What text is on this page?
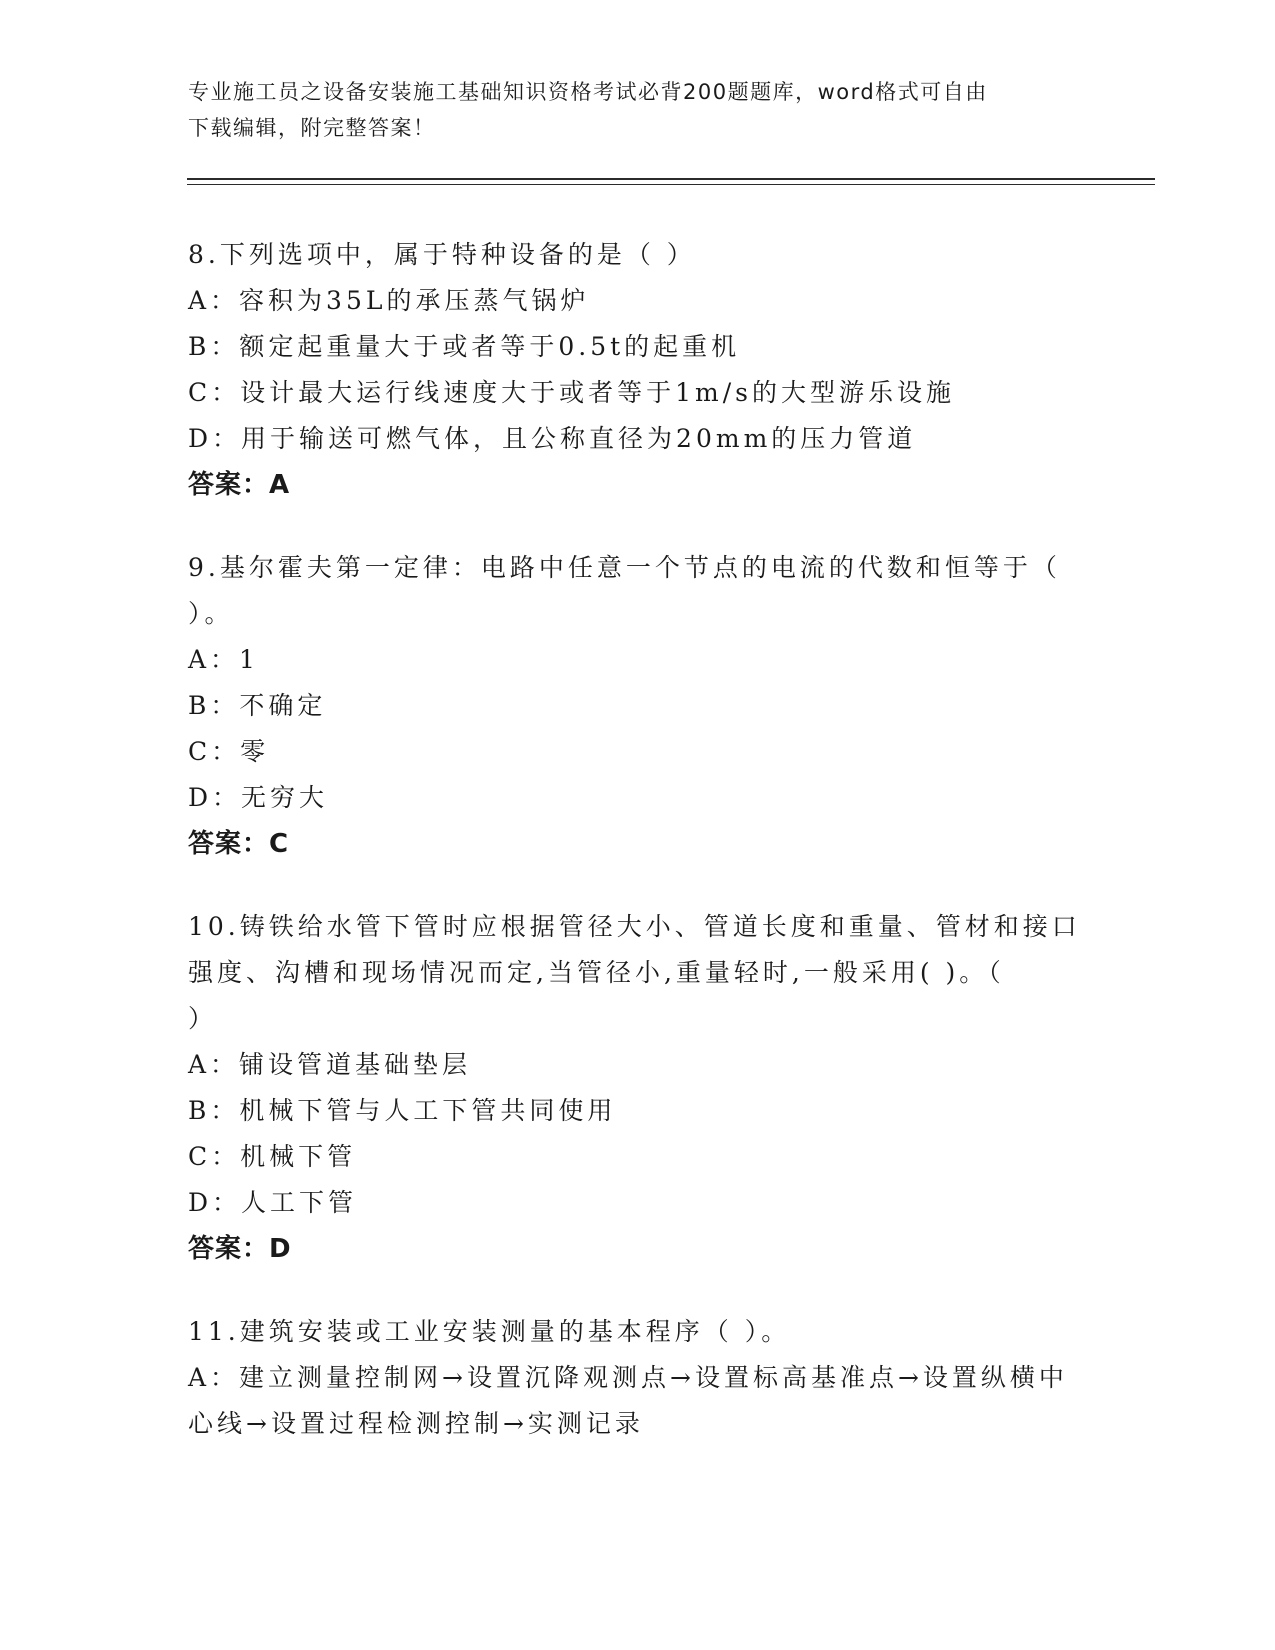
专业施工员之设备安装施工基础知识资格考试必背200题题库，word格式可自由
下载编辑，附完整答案！
8.下列选项中，属于特种设备的是（ ）
A：容积为35L的承压蒸气锅炉
B：额定起重量大于或者等于0.5t的起重机
C：设计最大运行线速度大于或者等于1m/s的大型游乐设施
D：用于输送可燃气体，且公称直径为20mm的压力管道
答案：A
9.基尔霍夫第一定律：电路中任意一个节点的电流的代数和恒等于（
）。
A：1
B：不确定
C：零
D：无穷大
答案：C
10.铸铁给水管下管时应根据管径大小、管道长度和重量、管材和接口
强度、沟槽和现场情况而定,当管径小,重量轻时,一般采用( )。（
）
A：铺设管道基础垫层
B：机械下管与人工下管共同使用
C：机械下管
D：人工下管
答案：D
11.建筑安装或工业安装测量的基本程序（ ）。
A：建立测量控制网→设置沉降观测点→设置标高基准点→设置纵横中
心线→设置过程检测控制→实测记录
